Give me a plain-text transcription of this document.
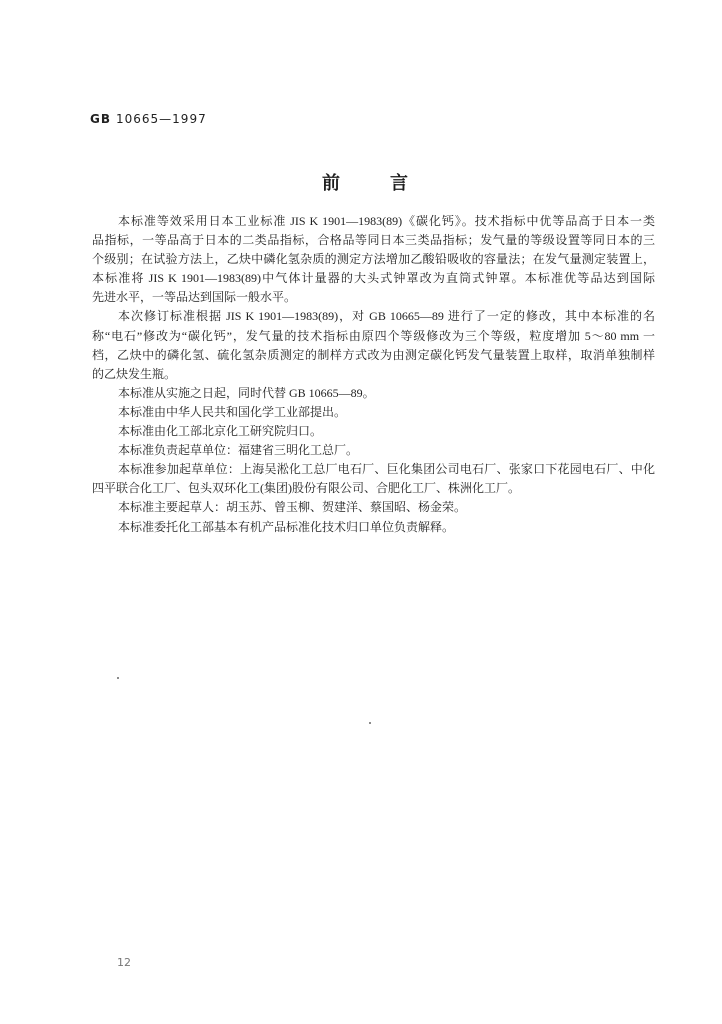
GB 10665—1997
前	言
本标准等效采用日本工业标准 JIS K 1901—1983(89)《碳化钙》。技术指标中优等品高于日本一类
品指标，一等品高于日本的二类品指标，合格品等同日本三类品指标；发气量的等级设置等同日本的三
个级别；在试验方法上，乙炔中磷化氢杂质的测定方法增加乙酸铅吸收的容量法；在发气量测定装置上，
本标准将 JIS K 1901—1983(89)中气体计量器的大头式钟罩改为直筒式钟罩。本标准优等品达到国际
先进水平，一等品达到国际一般水平。
本次修订标准根据 JIS K 1901—1983(89)，对 GB 10665—89 进行了一定的修改，其中本标准的名
称“电石”修改为“碳化钙”，发气量的技术指标由原四个等级修改为三个等级，粒度增加 5～80 mm 一
档，乙炔中的磷化氢、硫化氢杂质测定的制样方式改为由测定碳化钙发气量装置上取样，取消单独制样
的乙炔发生瓶。
本标准从实施之日起，同时代替 GB 10665—89。
本标准由中华人民共和国化学工业部提出。
本标准由化工部北京化工研究院归口。
本标准负责起草单位：福建省三明化工总厂。
本标准参加起草单位：上海吴淞化工总厂电石厂、巨化集团公司电石厂、张家口下花园电石厂、中化
四平联合化工厂、包头双环化工(集团)股份有限公司、合肥化工厂、株洲化工厂。
本标准主要起草人：胡玉苏、曾玉柳、贺建洋、蔡国昭、杨金荣。
本标准委托化工部基本有机产品标准化技术归口单位负责解释。
12
